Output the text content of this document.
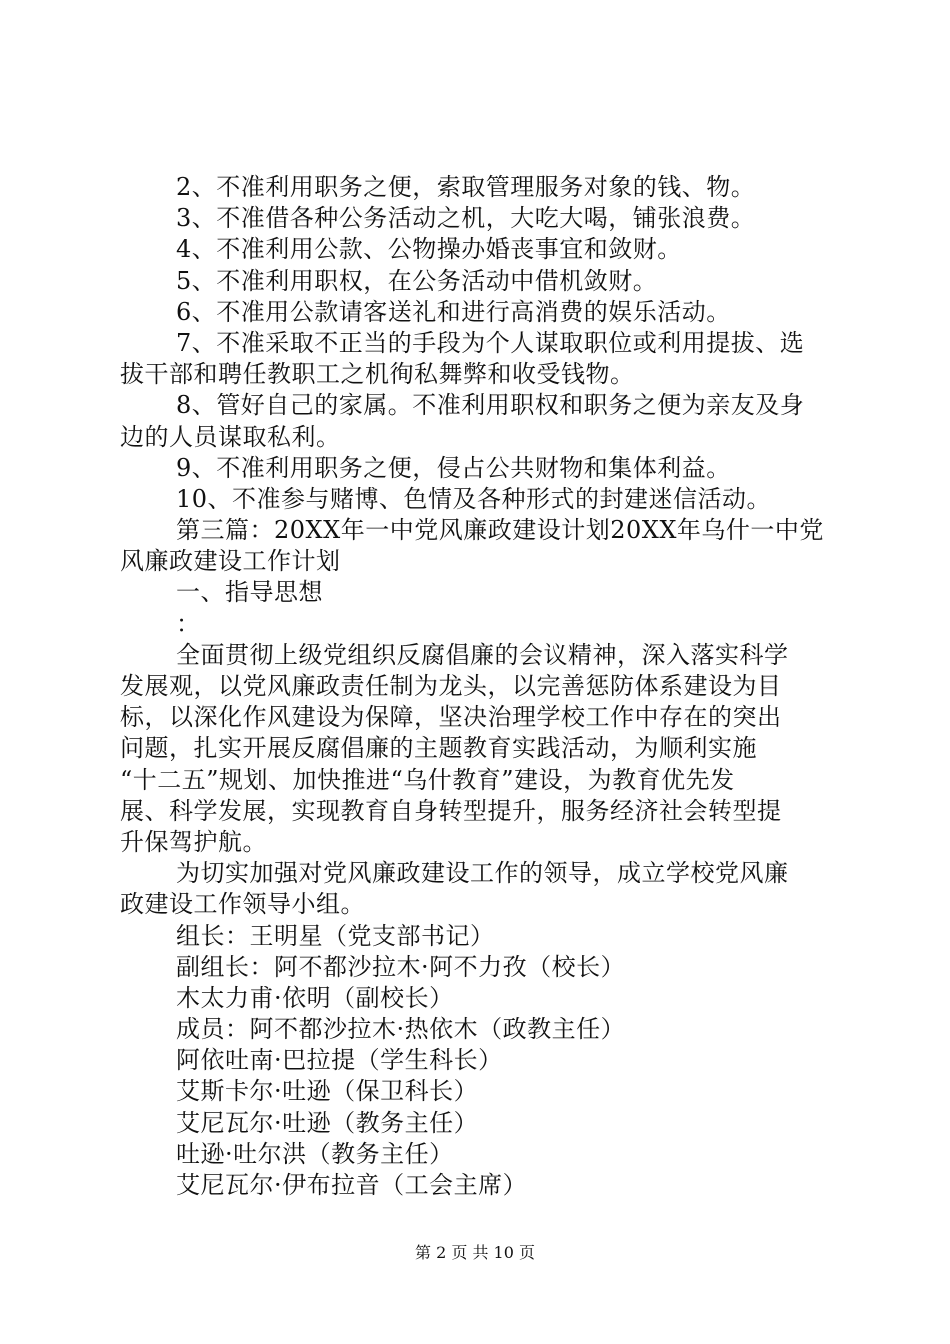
2、不准利用职务之便，索取管理服务对象的钱、物。
3、不准借各种公务活动之机，大吃大喝，铺张浪费。
4、不准利用公款、公物操办婚丧事宜和敛财。
5、不准利用职权，在公务活动中借机敛财。
6、不准用公款请客送礼和进行高消费的娱乐活动。
7、不准采取不正当的手段为个人谋取职位或利用提拔、选
拔干部和聘任教职工之机徇私舞弊和收受钱物。
8、管好自己的家属。不准利用职权和职务之便为亲友及身
边的人员谋取私利。
9、不准利用职务之便，侵占公共财物和集体利益。
10、不准参与赌博、色情及各种形式的封建迷信活动。
第三篇：20XX年一中党风廉政建设计划20XX年乌什一中党
风廉政建设工作计划
一、指导思想
：
全面贯彻上级党组织反腐倡廉的会议精神，深入落实科学
发展观，以党风廉政责任制为龙头，以完善惩防体系建设为目
标，以深化作风建设为保障，坚决治理学校工作中存在的突出
问题，扎实开展反腐倡廉的主题教育实践活动，为顺利实施
“十二五”规划、加快推进“乌什教育”建设，为教育优先发
展、科学发展，实现教育自身转型提升，服务经济社会转型提
升保驾护航。
为切实加强对党风廉政建设工作的领导，成立学校党风廉
政建设工作领导小组。
组长：王明星（党支部书记）
副组长：阿不都沙拉木·阿不力孜（校长）
木太力甫·依明（副校长）
成员：阿不都沙拉木·热依木（政教主任）
阿依吐南·巴拉提（学生科长）
艾斯卡尔·吐逊（保卫科长）
艾尼瓦尔·吐逊（教务主任）
吐逊·吐尔洪（教务主任）
艾尼瓦尔·伊布拉音（工会主席）
第 2 页 共 10 页
